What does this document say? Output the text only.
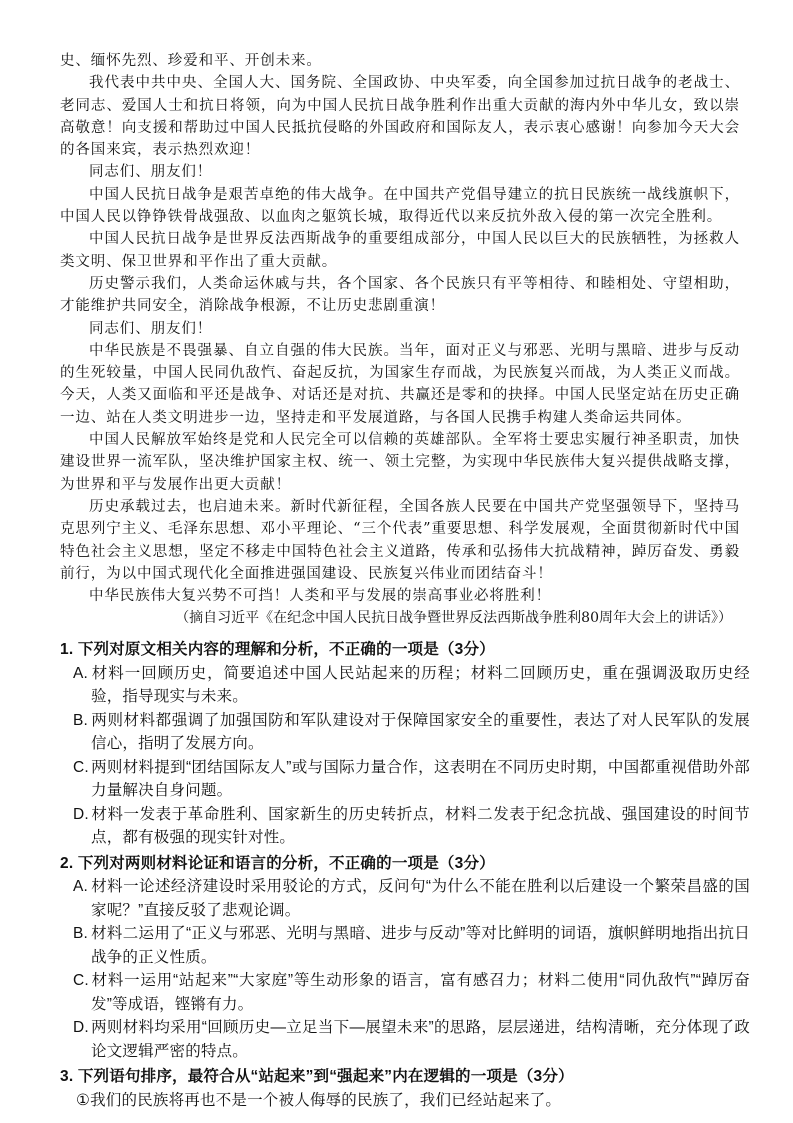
史、缅怀先烈、珍爱和平、开创未来。

我代表中共中央、全国人大、国务院、全国政协、中央军委，向全国参加过抗日战争的老战士、老同志、爱国人士和抗日将领，向为中国人民抗日战争胜利作出重大贡献的海内外中华儿女，致以崇高敬意！向支援和帮助过中国人民抵抗侵略的外国政府和国际友人，表示衷心感谢！向参加今天大会的各国来宾，表示热烈欢迎！

同志们、朋友们！

中国人民抗日战争是艰苦卓绝的伟大战争。在中国共产党倡导建立的抗日民族统一战线旗帜下，中国人民以铮铮铁骨战强敌、以血肉之躯筑长城，取得近代以来反抗外敌入侵的第一次完全胜利。

中国人民抗日战争是世界反法西斯战争的重要组成部分，中国人民以巨大的民族牺牲，为拯救人类文明、保卫世界和平作出了重大贡献。

历史警示我们，人类命运休戚与共，各个国家、各个民族只有平等相待、和睦相处、守望相助，才能维护共同安全，消除战争根源，不让历史悲剧重演！

同志们、朋友们！

中华民族是不畏强暴、自立自强的伟大民族。当年，面对正义与邪恶、光明与黑暗、进步与反动的生死较量，中国人民同仇敌忾、奋起反抗，为国家生存而战，为民族复兴而战，为人类正义而战。今天，人类又面临和平还是战争、对话还是对抗、共赢还是零和的抉择。中国人民坚定站在历史正确一边、站在人类文明进步一边，坚持走和平发展道路，与各国人民携手构建人类命运共同体。

中国人民解放军始终是党和人民完全可以信赖的英雄部队。全军将士要忠实履行神圣职责，加快建设世界一流军队，坚决维护国家主权、统一、领土完整，为实现中华民族伟大复兴提供战略支撑，为世界和平与发展作出更大贡献！

历史承载过去，也启迪未来。新时代新征程，全国各族人民要在中国共产党坚强领导下，坚持马克思列宁主义、毛泽东思想、邓小平理论、“三个代表”重要思想、科学发展观，全面贯彻新时代中国特色社会主义思想，坚定不移走中国特色社会主义道路，传承和弘扬伟大抗战精神，踔厉奋发、勇毅前行，为以中国式现代化全面推进强国建设、民族复兴伟业而团结奋斗！

中华民族伟大复兴势不可挡！人类和平与发展的崇高事业必将胜利！

（摘自习近平《在纪念中国人民抗日战争暨世界反法西斯战争胜利80周年大会上的讲话》）

1. 下列对原文相关内容的理解和分析，不正确的一项是（3分）

A. 材料一回顾历史，简要追述中国人民站起来的历程；材料二回顾历史，重在强调汲取历史经验，指导现实与未来。

B. 两则材料都强调了加强国防和军队建设对于保障国家安全的重要性，表达了对人民军队的发展信心，指明了发展方向。

C. 两则材料提到“团结国际友人”或与国际力量合作，这表明在不同历史时期，中国都重视借助外部力量解决自身问题。

D. 材料一发表于革命胜利、国家新生的历史转折点，材料二发表于纪念抗战、强国建设的时间节点，都有极强的现实针对性。

2. 下列对两则材料论证和语言的分析，不正确的一项是（3分）

A. 材料一论述经济建设时采用驳论的方式，反问句“为什么不能在胜利以后建设一个繁荣昌盛的国家呢？”直接反驳了悲观论调。

B. 材料二运用了“正义与邪恶、光明与黑暗、进步与反动”等对比鲜明的词语，旗帜鲜明地指出抗日战争的正义性质。

C. 材料一运用“站起来”“大家庭”等生动形象的语言，富有感召力；材料二使用“同仇敌忾”“踔厉奋发”等成语，铿锵有力。

D. 两则材料均采用“回顾历史—立足当下—展望未来”的思路，层层递进，结构清晰，充分体现了政论文逻辑严密的特点。

3. 下列语句排序，最符合从“站起来”到“强起来”内在逻辑的一项是（3分）

①我们的民族将再也不是一个被人侮辱的民族了，我们已经站起来了。
